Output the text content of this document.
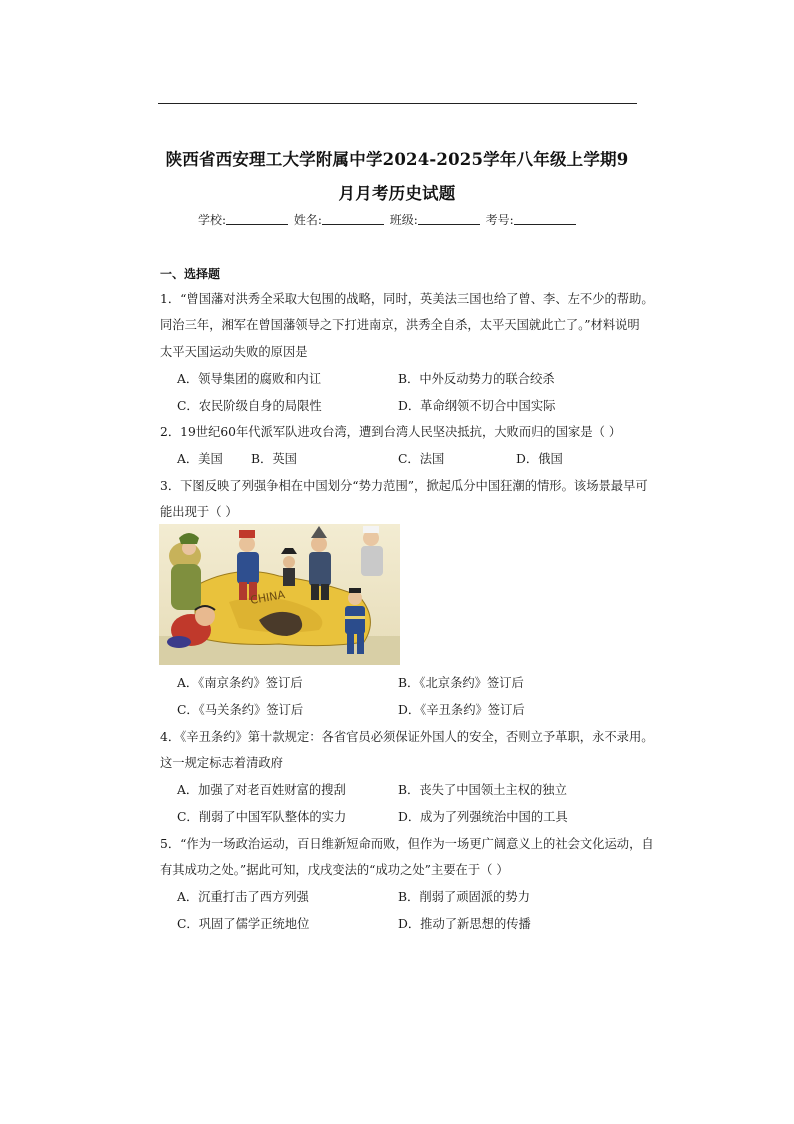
陕西省西安理工大学附属中学2024-2025学年八年级上学期9
月月考历史试题
学校:	姓名:	班级:	考号:
一、选择题
1．“曾国藩对洪秀全采取大包围的战略，同时，英美法三国也给了曾、李、左不少的帮助。
同治三年，湘军在曾国藩领导之下打进南京，洪秀全自杀，太平天国就此亡了。”材料说明
太平天国运动失败的原因是
A．领导集团的腐败和内讧	B．中外反动势力的联合绞杀
C．农民阶级自身的局限性	D．革命纲领不切合中国实际
2．19世纪60年代派军队进攻台湾，遭到台湾人民坚决抵抗，大败而归的国家是（ ）
A．美国 B．英国	C．法国	D．俄国
3．下图反映了列强争相在中国划分“势力范围”，掀起瓜分中国狂潮的情形。该场景最早可
能出现于（ ）
CHINA
A．《南京条约》签订后	B．《北京条约》签订后
C．《马关条约》签订后	D．《辛丑条约》签订后
4．《辛丑条约》第十款规定：各省官员必须保证外国人的安全，否则立予革职，永不录用。
这一规定标志着清政府
A．加强了对老百姓财富的搜刮	B．丧失了中国领土主权的独立
C．削弱了中国军队整体的实力	D．成为了列强统治中国的工具
5．“作为一场政治运动，百日维新短命而败，但作为一场更广阔意义上的社会文化运动，自
有其成功之处。”据此可知，戊戌变法的“成功之处”主要在于（ ）
A．沉重打击了西方列强	B．削弱了顽固派的势力
C．巩固了儒学正统地位	D．推动了新思想的传播
